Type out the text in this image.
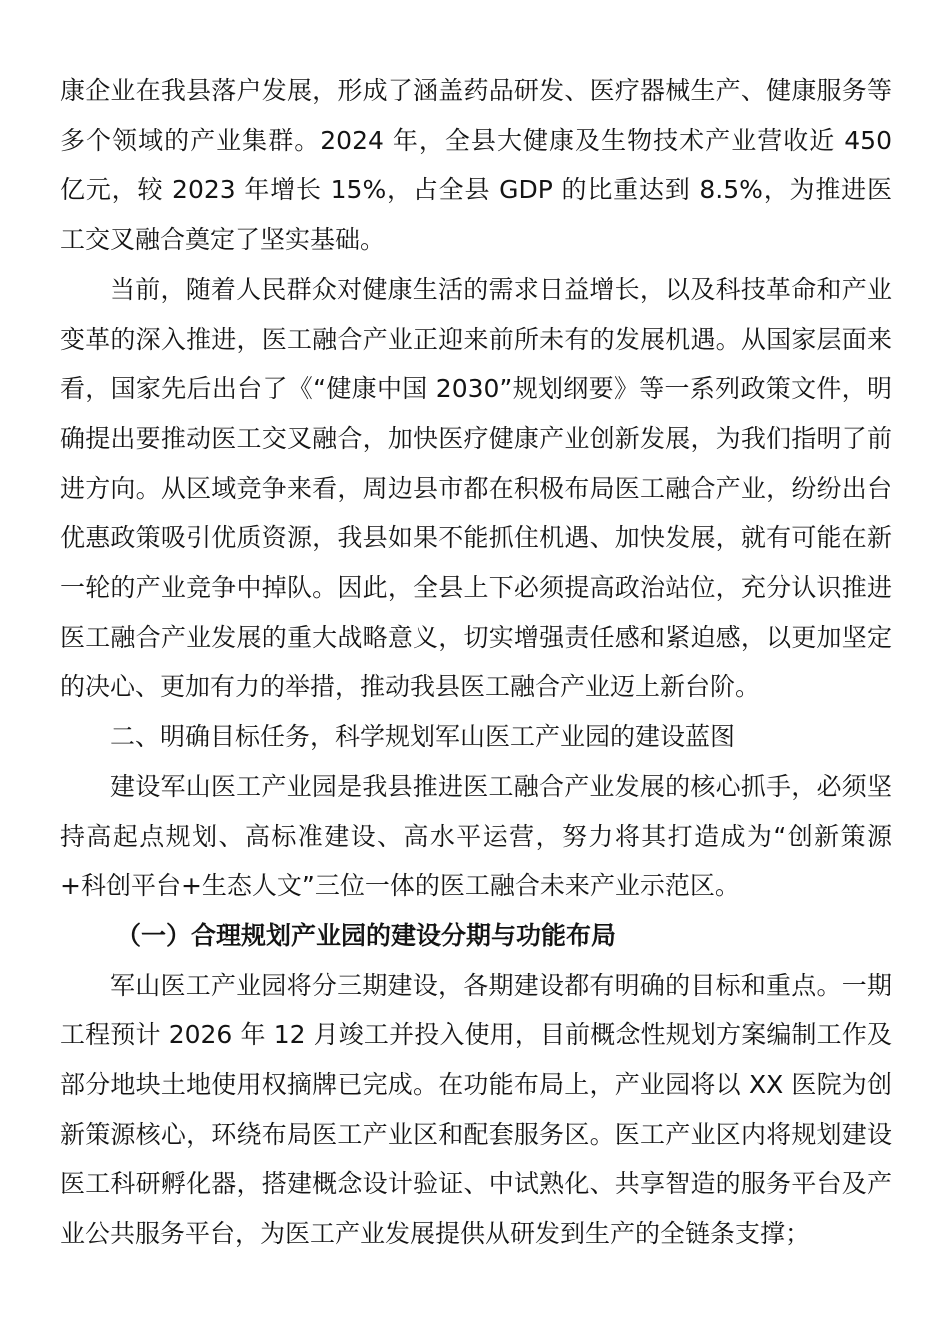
康企业在我县落户发展，形成了涵盖药品研发、医疗器械生产、健康服务等多个领域的产业集群。2024 年，全县大健康及生物技术产业营收近 450 亿元，较 2023 年增长 15%，占全县 GDP 的比重达到 8.5%，为推进医工交叉融合奠定了坚实基础。

当前，随着人民群众对健康生活的需求日益增长，以及科技革命和产业变革的深入推进，医工融合产业正迎来前所未有的发展机遇。从国家层面来看，国家先后出台了《“健康中国 2030”规划纲要》等一系列政策文件，明确提出要推动医工交叉融合，加快医疗健康产业创新发展，为我们指明了前进方向。从区域竞争来看，周边县市都在积极布局医工融合产业，纷纷出台优惠政策吸引优质资源，我县如果不能抓住机遇、加快发展，就有可能在新一轮的产业竞争中掉队。因此，全县上下必须提高政治站位，充分认识推进医工融合产业发展的重大战略意义，切实增强责任感和紧迫感，以更加坚定的决心、更加有力的举措，推动我县医工融合产业迈上新台阶。

二、明确目标任务，科学规划军山医工产业园的建设蓝图

建设军山医工产业园是我县推进医工融合产业发展的核心抓手，必须坚持高起点规划、高标准建设、高水平运营，努力将其打造成为“创新策源+科创平台+生态人文”三位一体的医工融合未来产业示范区。

（一）合理规划产业园的建设分期与功能布局

军山医工产业园将分三期建设，各期建设都有明确的目标和重点。一期工程预计 2026 年 12 月竣工并投入使用，目前概念性规划方案编制工作及部分地块土地使用权摘牌已完成。在功能布局上，产业园将以 XX 医院为创新策源核心，环绕布局医工产业区和配套服务区。医工产业区内将规划建设医工科研孵化器，搭建概念设计验证、中试熟化、共享智造的服务平台及产业公共服务平台，为医工产业发展提供从研发到生产的全链条支撑；
